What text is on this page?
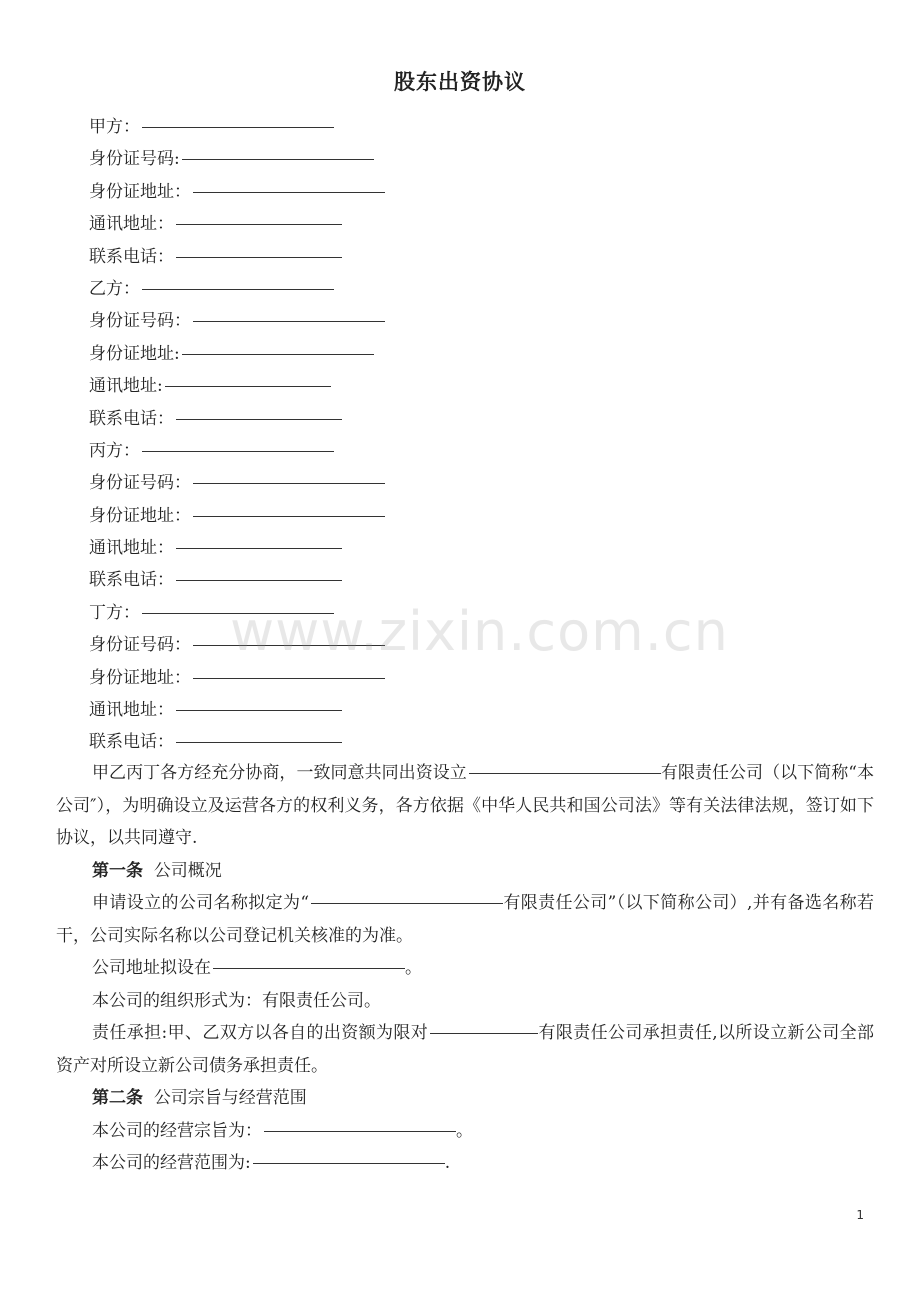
股东出资协议
甲方：
身份证号码:
身份证地址：
通讯地址：
联系电话：
乙方：
身份证号码：
身份证地址:
通讯地址:
联系电话：
丙方：
身份证号码：
身份证地址：
通讯地址：
联系电话：
丁方：
身份证号码：
身份证地址：
通讯地址：
联系电话：

甲乙丙丁各方经充分协商，一致同意共同出资设立	有限责任公司（以下简称“本公司″），为明确设立及运营各方的权利义务，各方依据《中华人民共和国公司法》等有关法律法规，签订如下协议，以共同遵守.

第一条 公司概况

申请设立的公司名称拟定为“	有限责任公司”（以下简称公司）,并有备选名称若干，公司实际名称以公司登记机关核准的为准。

公司地址拟设在	。

本公司的组织形式为：有限责任公司。

责任承担:甲、乙双方以各自的出资额为限对	有限责任公司承担责任,以所设立新公司全部资产对所设立新公司债务承担责任。

第二条 公司宗旨与经营范围

本公司的经营宗旨为：	。

本公司的经营范围为:	.

www.zixin.com.cn
1
